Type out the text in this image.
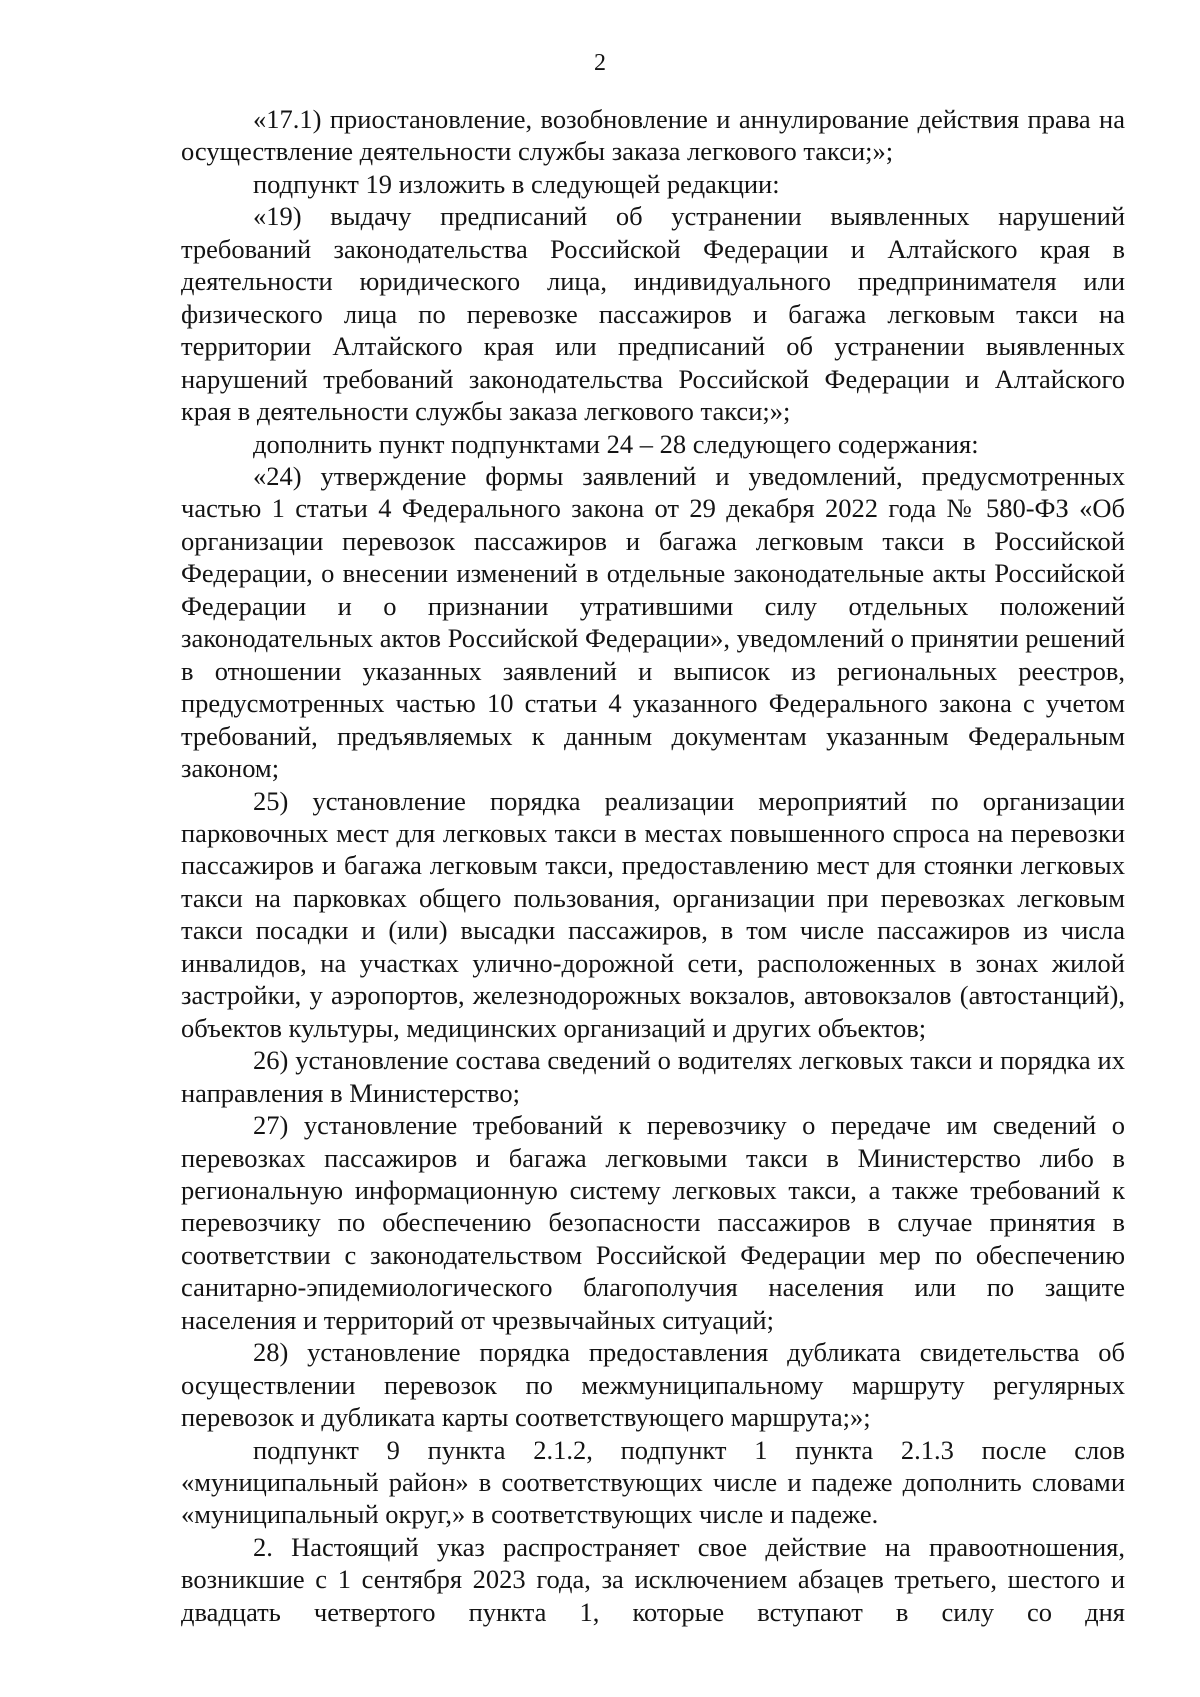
2

«17.1) приостановление, возобновление и аннулирование действия права на осуществление деятельности службы заказа легкового такси;»;

подпункт 19 изложить в следующей редакции:

«19) выдачу предписаний об устранении выявленных нарушений требований законодательства Российской Федерации и Алтайского края в деятельности юридического лица, индивидуального предпринимателя или физического лица по перевозке пассажиров и багажа легковым такси на территории Алтайского края или предписаний об устранении выявленных нарушений требований законодательства Российской Федерации и Алтайского края в деятельности службы заказа легкового такси;»;

дополнить пункт подпунктами 24 – 28 следующего содержания:

«24) утверждение формы заявлений и уведомлений, предусмотренных частью 1 статьи 4 Федерального закона от 29 декабря 2022 года № 580-ФЗ «Об организации перевозок пассажиров и багажа легковым такси в Российской Федерации, о внесении изменений в отдельные законодательные акты Российской Федерации и о признании утратившими силу отдельных положений законодательных актов Российской Федерации», уведомлений о принятии решений в отношении указанных заявлений и выписок из региональных реестров, предусмотренных частью 10 статьи 4 указанного Федерального закона с учетом требований, предъявляемых к данным документам указанным Федеральным законом;

25) установление порядка реализации мероприятий по организации парковочных мест для легковых такси в местах повышенного спроса на перевозки пассажиров и багажа легковым такси, предоставлению мест для стоянки легковых такси на парковках общего пользования, организации при перевозках легковым такси посадки и (или) высадки пассажиров, в том числе пассажиров из числа инвалидов, на участках улично-дорожной сети, расположенных в зонах жилой застройки, у аэропортов, железнодорожных вокзалов, автовокзалов (автостанций), объектов культуры, медицинских организаций и других объектов;

26) установление состава сведений о водителях легковых такси и порядка их направления в Министерство;

27) установление требований к перевозчику о передаче им сведений о перевозках пассажиров и багажа легковыми такси в Министерство либо в региональную информационную систему легковых такси, а также требований к перевозчику по обеспечению безопасности пассажиров в случае принятия в соответствии с законодательством Российской Федерации мер по обеспечению санитарно-эпидемиологического благополучия населения или по защите населения и территорий от чрезвычайных ситуаций;

28) установление порядка предоставления дубликата свидетельства об осуществлении перевозок по межмуниципальному маршруту регулярных перевозок и дубликата карты соответствующего маршрута;»;

подпункт 9 пункта 2.1.2, подпункт 1 пункта 2.1.3 после слов «муниципальный район» в соответствующих числе и падеже дополнить словами «муниципальный округ,» в соответствующих числе и падеже.

2. Настоящий указ распространяет свое действие на правоотношения, возникшие с 1 сентября 2023 года, за исключением абзацев третьего, шестого и двадцать четвертого пункта 1, которые вступают в силу со дня
